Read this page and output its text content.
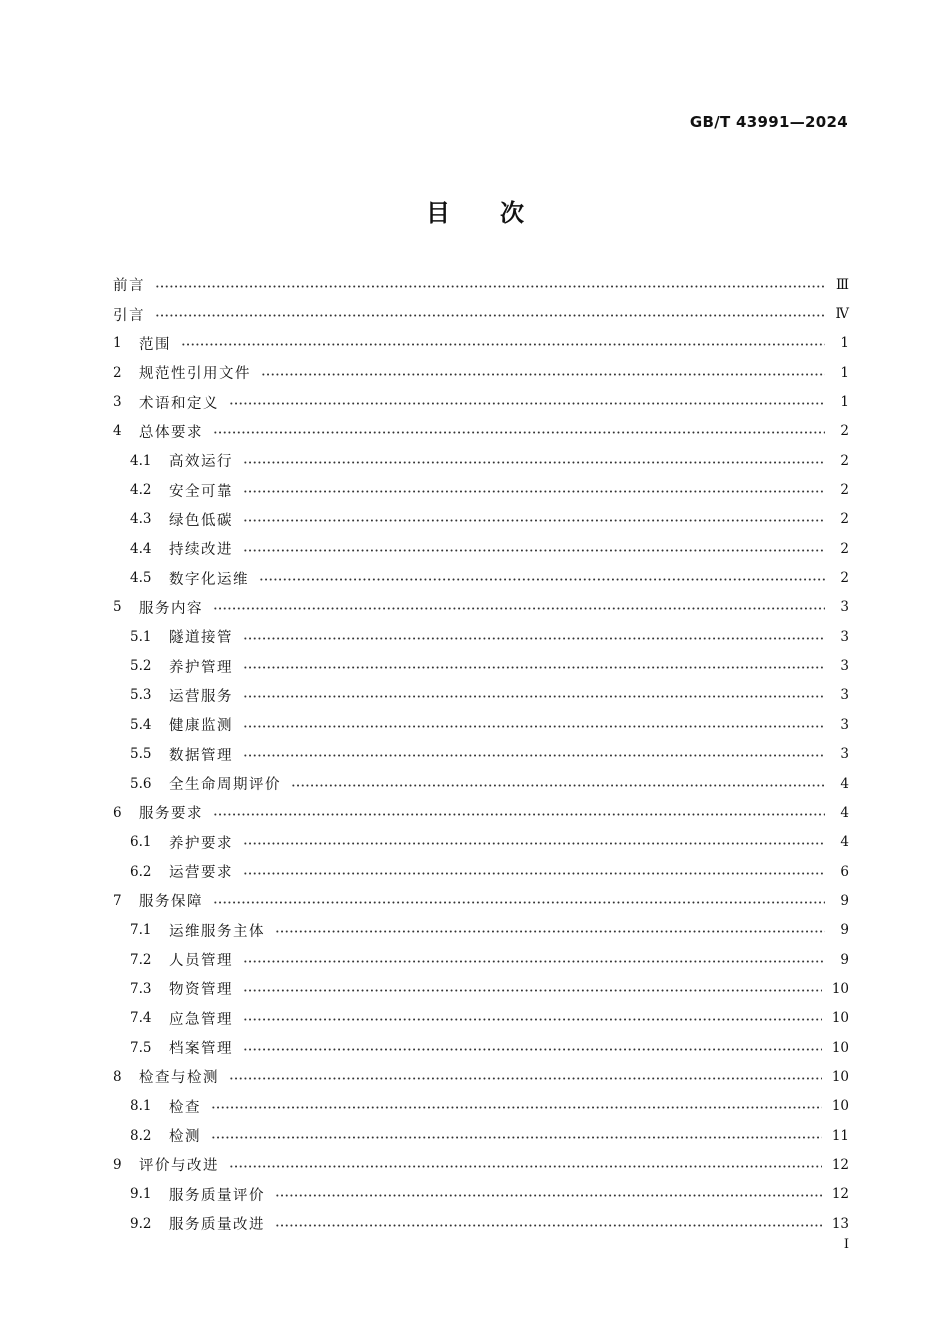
GB/T 43991—2024
目次
前言	Ⅲ
引言	Ⅳ
1	范围	1
2	规范性引用文件	1
3	术语和定义	1
4	总体要求	2
4.1	高效运行	2
4.2	安全可靠	2
4.3	绿色低碳	2
4.4	持续改进	2
4.5	数字化运维	2
5	服务内容	3
5.1	隧道接管	3
5.2	养护管理	3
5.3	运营服务	3
5.4	健康监测	3
5.5	数据管理	3
5.6	全生命周期评价	4
6	服务要求	4
6.1	养护要求	4
6.2	运营要求	6
7	服务保障	9
7.1	运维服务主体	9
7.2	人员管理	9
7.3	物资管理	10
7.4	应急管理	10
7.5	档案管理	10
8	检查与检测	10
8.1	检查	10
8.2	检测	11
9	评价与改进	12
9.1	服务质量评价	12
9.2	服务质量改进	13
I
